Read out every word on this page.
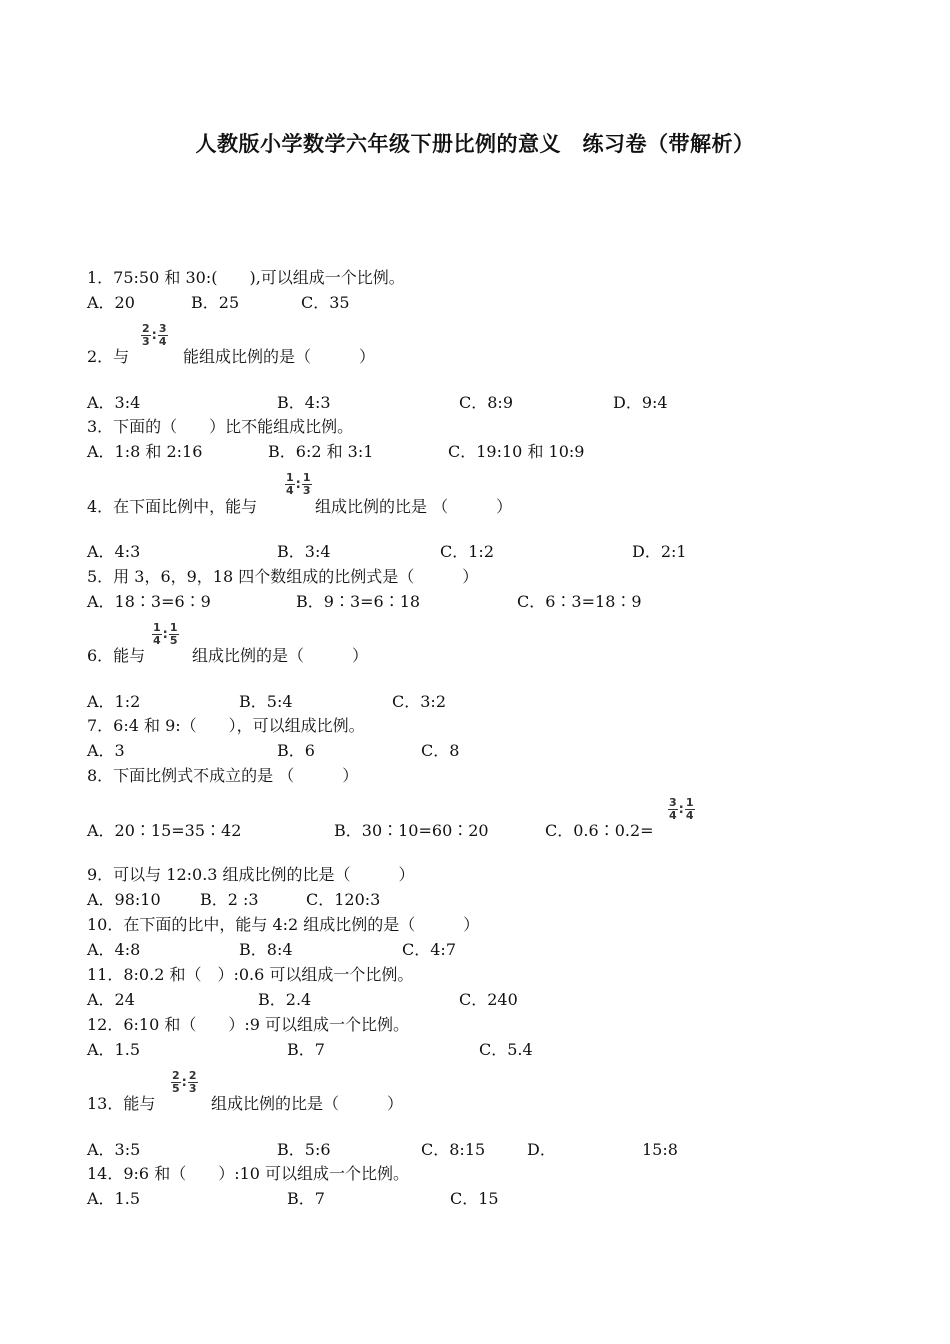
人教版小学数学六年级下册比例的意义　练习卷（带解析）
1．75:50 和 30:(　　),可以组成一个比例。
A．20	B．25	C．35
$\frac{2}{3}$ : $\frac{3}{4}$
2．与	能组成比例的是（　　　）
A．3:4	B．4:3	C．8:9	D．9:4
3．下面的（　　）比不能组成比例。
A．1:8 和 2:16	B．6:2 和 3:1	C．19:10 和 10:9
$\frac{1}{4}$ : $\frac{1}{3}$
4．在下面比例中，能与	组成比例的比是 （　　　）
A．4:3	B．3:4	C．1:2	D．2:1
5．用 3，6，9，18 四个数组成的比例式是（　　　）
A．18∶3=6∶9	B．9∶3=6∶18	C．6∶3=18∶9
$\frac{1}{4}$ : $\frac{1}{5}$
6．能与	组成比例的是（　　　）
A．1:2	B．5:4	C．3:2
7．6:4 和 9:（　　），可以组成比例。
A．3	B．6	C．8
8．下面比例式不成立的是 （　　　）
A．20∶15=35∶42	B．30∶10=60∶20	C．0.6∶0.2=
$\frac{3}{4}$ : $\frac{1}{4}$
9．可以与 12:0.3 组成比例的比是（　　　）
A．98:10 B．2 :3	C．120:3
10．在下面的比中，能与 4:2 组成比例的是（　　　）
A．4:8	B．8:4	C．4:7
11．8:0.2 和（　）:0.6 可以组成一个比例。
A．24	B．2.4	C．240
12．6:10 和（　　）:9 可以组成一个比例。
A．1.5	B．7	C．5.4
$\frac{2}{5}$ : $\frac{2}{3}$
13．能与	组成比例的比是（　　　）
A．3:5	B．5:6	C．8:15	D．	15:8
14．9:6 和（　　）:10 可以组成一个比例。
A．1.5	B．7	C．15
